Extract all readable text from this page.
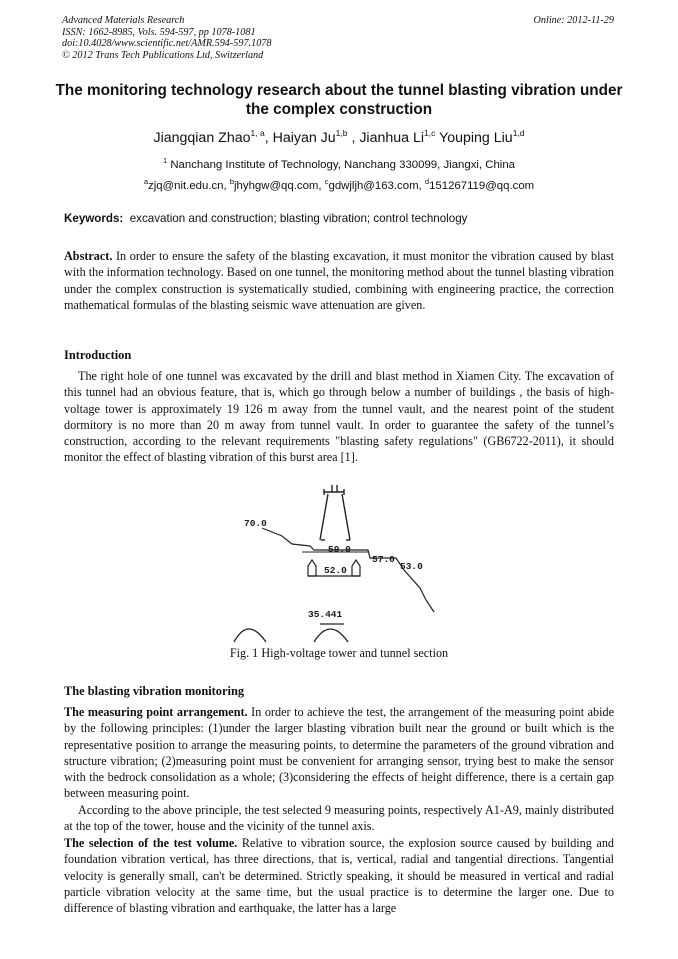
Advanced Materials Research
ISSN: 1662-8985, Vols. 594-597, pp 1078-1081
doi:10.4028/www.scientific.net/AMR.594-597.1078
© 2012 Trans Tech Publications Ltd, Switzerland
Online: 2012-11-29
The monitoring technology research about the tunnel blasting vibration under the complex construction
Jiangqian Zhao$^{1, a}$, Haiyan Ju$^{1,b}$ , Jianhua Li$^{1,c}$ Youping Liu$^{1,d}$
$^1$ Nanchang Institute of Technology, Nanchang 330099, Jiangxi, China
$^a$zjq@nit.edu.cn, $^b$jhyhgw@qq.com, $^c$gdwjljh@163.com, $^d$151267119@qq.com
Keywords: excavation and construction; blasting vibration; control technology
Abstract. In order to ensure the safety of the blasting excavation, it must monitor the vibration caused by blast with the information technology. Based on one tunnel, the monitoring method about the tunnel blasting vibration under the complex construction is systematically studied, combining with engineering practice, the correction mathematical formulas of the blasting seismic wave attenuation are given.
Introduction
The right hole of one tunnel was excavated by the drill and blast method in Xiamen City. The excavation of this tunnel had an obvious feature, that is, which go through below a number of buildings , the basis of high-voltage tower is approximately 19 126 m away from the tunnel vault, and the nearest point of the student dormitory is no more than 20 m away from tunnel vault. In order to guarantee the safety of the tunnel’s construction, according to the relevant requirements "blasting safety regulations" (GB6722-2011), it should monitor the effect of blasting vibration of this burst area [1].
70.0
59.0
57.0
53.0
52.0
35.441
Fig. 1 High-voltage tower and tunnel section
The blasting vibration monitoring
The measuring point arrangement. In order to achieve the test, the arrangement of the measuring point abide by the following principles: (1)under the larger blasting vibration built near the ground or built which is the representative position to arrange the measuring points, to determine the parameters of the ground vibration and structure vibration; (2)measuring point must be convenient for arranging sensor, trying best to make the sensor with the bedrock consolidation as a whole; (3)considering the effects of height difference, there is a certain gap between measuring point.
According to the above principle, the test selected 9 measuring points, respectively A1-A9, mainly distributed at the top of the tower, house and the vicinity of the tunnel axis.
The selection of the test volume. Relative to vibration source, the explosion source caused by building and foundation vibration vertical, has three directions, that is, vertical, radial and tangential directions. Tangential velocity is generally small, can't be determined. Strictly speaking, it should be measured in vertical and radial particle vibration velocity at the same time, but the usual practice is to determine the larger one. Due to difference of blasting vibration and earthquake, the latter has a large
